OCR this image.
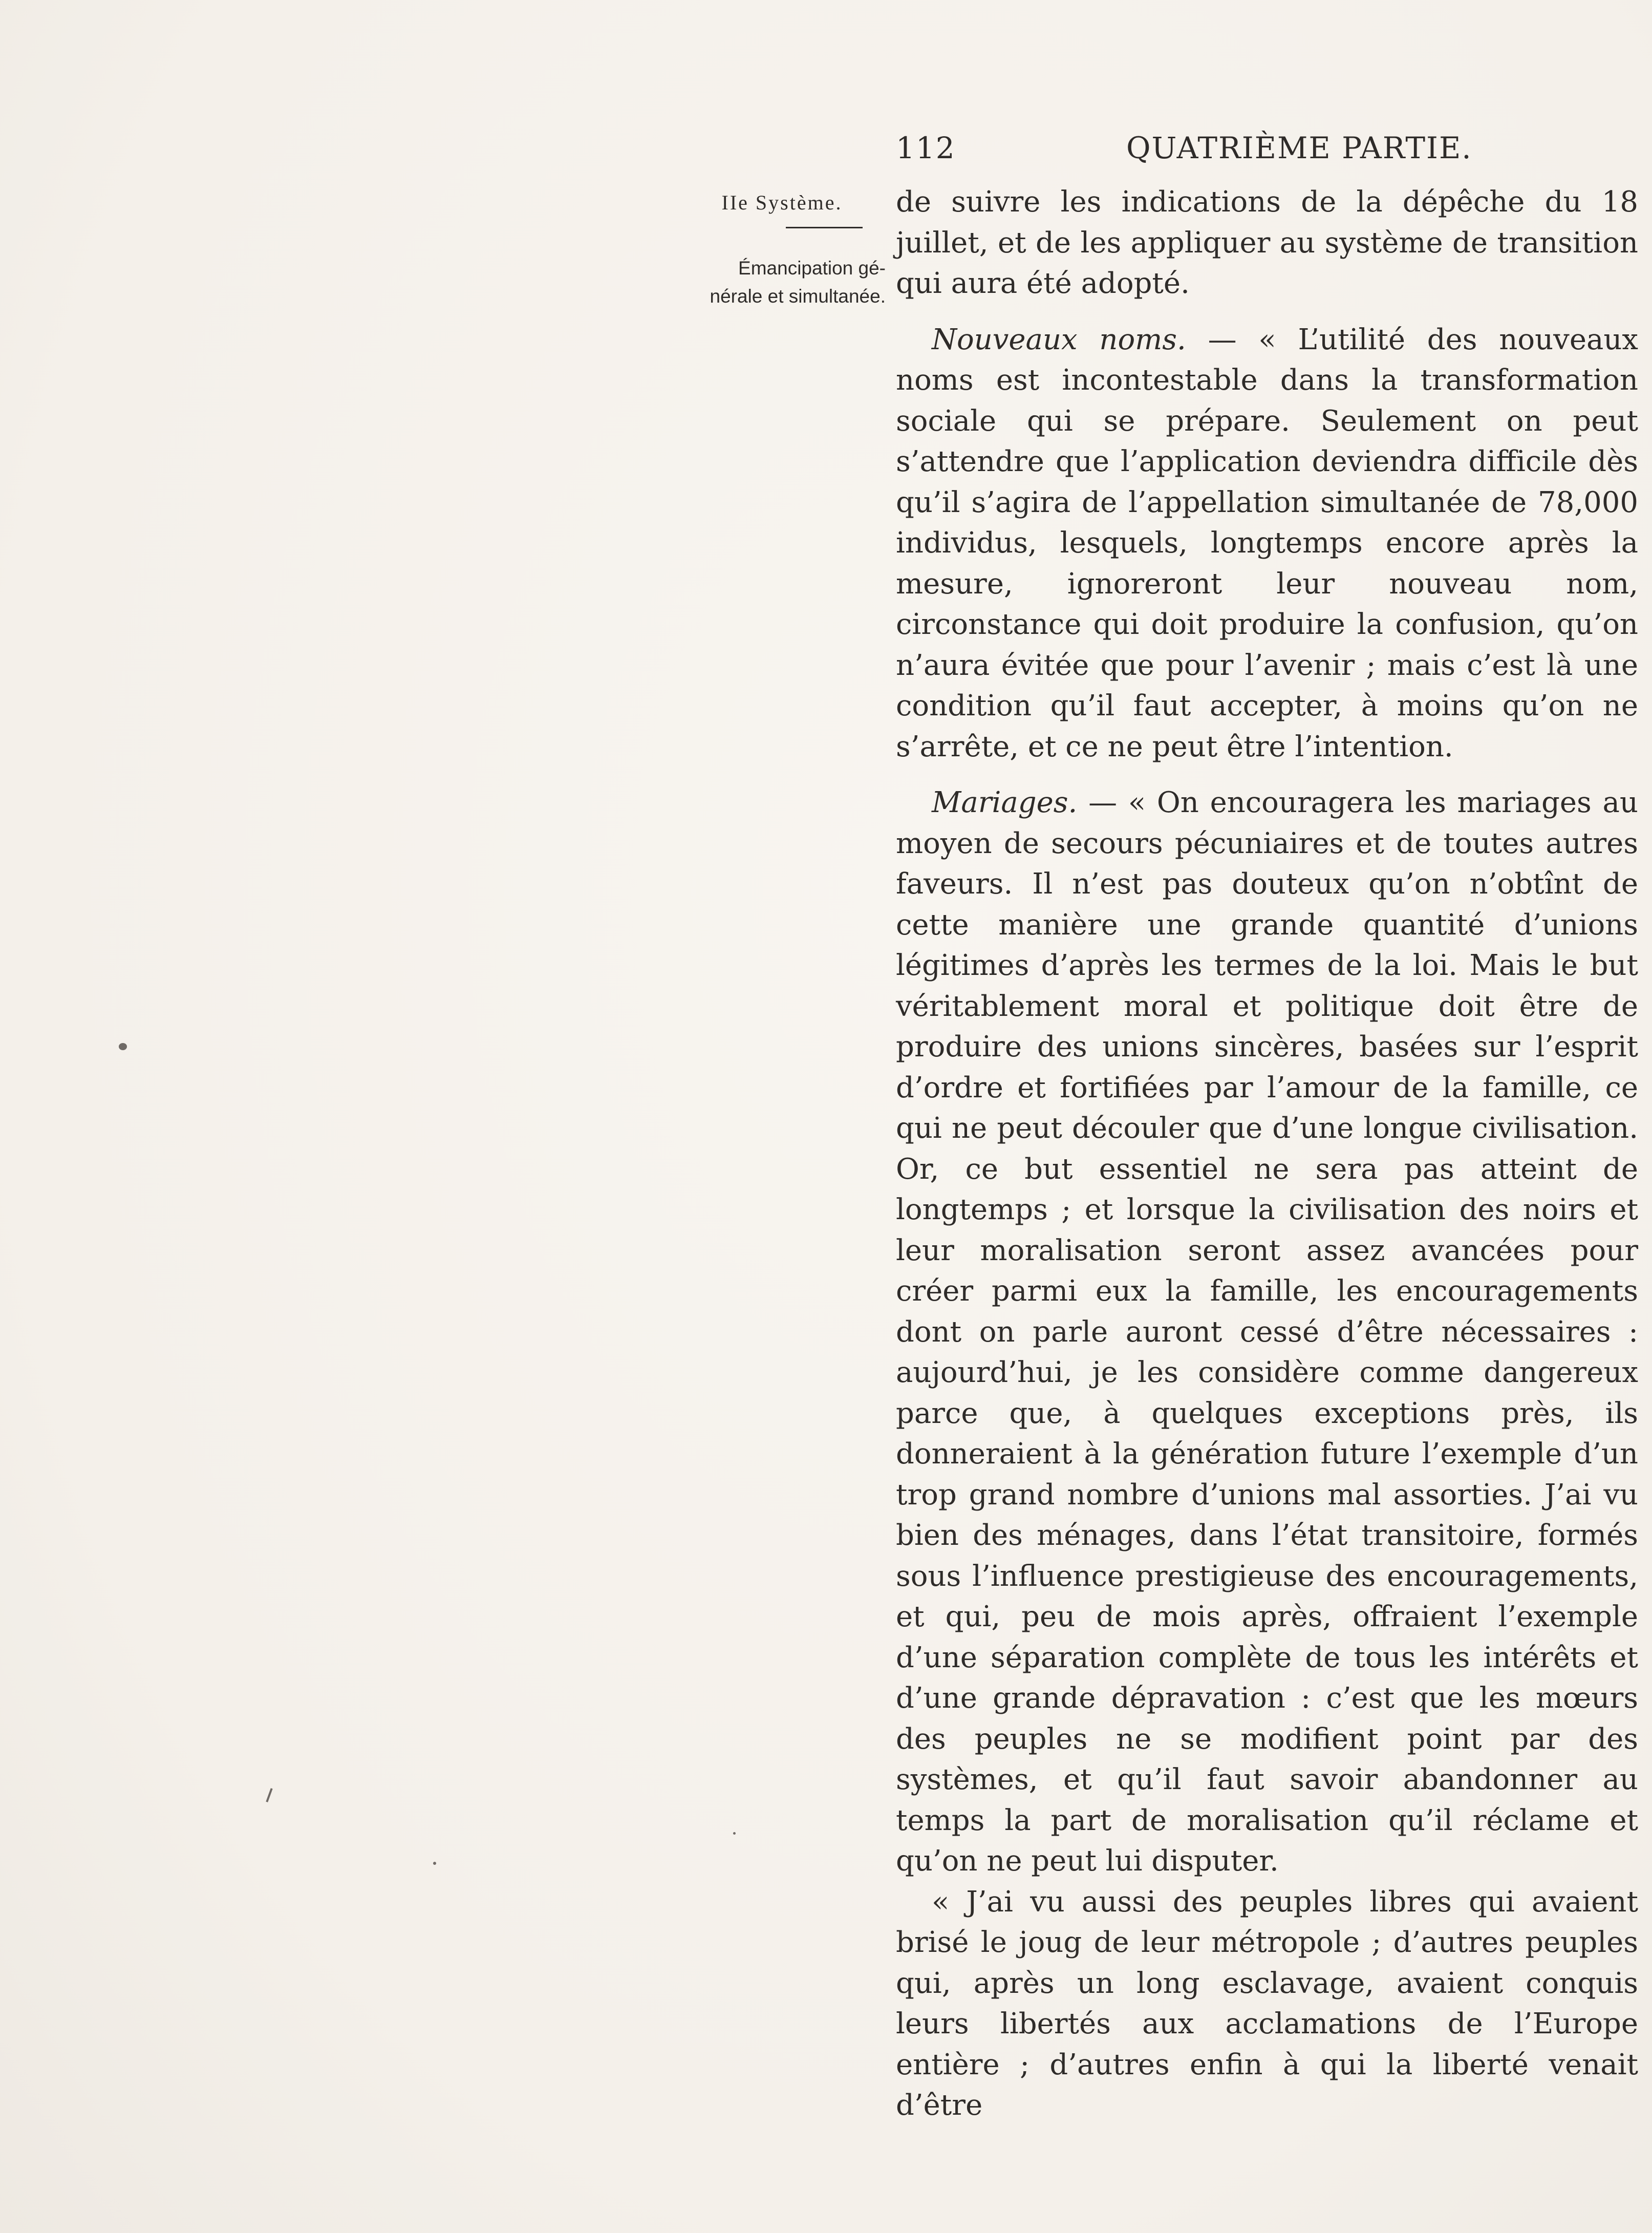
112	QUATRIÈME PARTIE.
IIe Système.
Émancipation gé-
nérale et simultanée.

de suivre les indications de la dépêche du 18 juillet, et de les appliquer au système de transition qui aura été adopté.

Nouveaux noms. — « L’utilité des nouveaux noms est incontestable dans la transformation sociale qui se prépare. Seulement on peut s’attendre que l’application deviendra difficile dès qu’il s’agira de l’appellation simultanée de 78,000 individus, lesquels, longtemps encore après la mesure, ignoreront leur nouveau nom, circonstance qui doit produire la confusion, qu’on n’aura évitée que pour l’avenir ; mais c’est là une condition qu’il faut accepter, à moins qu’on ne s’arrête, et ce ne peut être l’intention.

Mariages. — « On encouragera les mariages au moyen de secours pécuniaires et de toutes autres faveurs. Il n’est pas douteux qu’on n’obtînt de cette manière une grande quantité d’unions légitimes d’après les termes de la loi. Mais le but véritablement moral et politique doit être de produire des unions sincères, basées sur l’esprit d’ordre et fortifiées par l’amour de la famille, ce qui ne peut découler que d’une longue civilisation. Or, ce but essentiel ne sera pas atteint de longtemps ; et lorsque la civilisation des noirs et leur moralisation seront assez avancées pour créer parmi eux la famille, les encouragements dont on parle auront cessé d’être nécessaires : aujourd’hui, je les considère comme dangereux parce que, à quelques exceptions près, ils donneraient à la génération future l’exemple d’un trop grand nombre d’unions mal assorties. J’ai vu bien des ménages, dans l’état transitoire, formés sous l’influence prestigieuse des encouragements, et qui, peu de mois après, offraient l’exemple d’une séparation complète de tous les intérêts et d’une grande dépravation : c’est que les mœurs des peuples ne se modifient point par des systèmes, et qu’il faut savoir abandonner au temps la part de moralisation qu’il réclame et qu’on ne peut lui disputer.

« J’ai vu aussi des peuples libres qui avaient brisé le joug de leur métropole ; d’autres peuples qui, après un long esclavage, avaient conquis leurs libertés aux acclamations de l’Europe entière ; d’autres enfin à qui la liberté venait d’être
